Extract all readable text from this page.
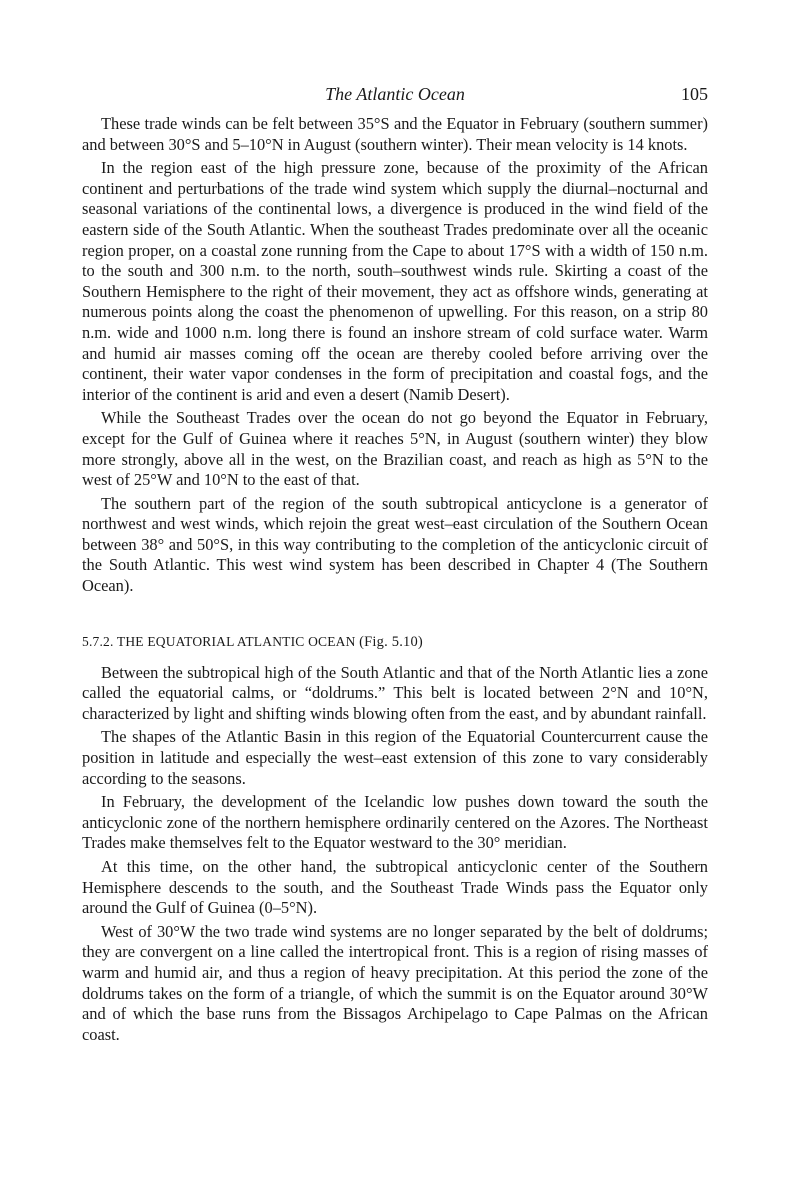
The Atlantic Ocean	105

These trade winds can be felt between 35°S and the Equator in February (southern summer) and between 30°S and 5–10°N in August (southern winter). Their mean velocity is 14 knots.

In the region east of the high pressure zone, because of the proximity of the African continent and perturbations of the trade wind system which supply the diurnal–nocturnal and seasonal variations of the continental lows, a divergence is produced in the wind field of the eastern side of the South Atlantic. When the southeast Trades predominate over all the oceanic region proper, on a coastal zone running from the Cape to about 17°S with a width of 150 n.m. to the south and 300 n.m. to the north, south–southwest winds rule. Skirting a coast of the Southern Hemisphere to the right of their movement, they act as offshore winds, generating at numerous points along the coast the phenomenon of upwelling. For this reason, on a strip 80 n.m. wide and 1000 n.m. long there is found an inshore stream of cold surface water. Warm and humid air masses coming off the ocean are thereby cooled before arriving over the continent, their water vapor condenses in the form of precipitation and coastal fogs, and the interior of the continent is arid and even a desert (Namib Desert).

While the Southeast Trades over the ocean do not go beyond the Equator in February, except for the Gulf of Guinea where it reaches 5°N, in August (southern winter) they blow more strongly, above all in the west, on the Brazilian coast, and reach as high as 5°N to the west of 25°W and 10°N to the east of that.

The southern part of the region of the south subtropical anticyclone is a generator of northwest and west winds, which rejoin the great west–east circulation of the Southern Ocean between 38° and 50°S, in this way contributing to the completion of the anticyclonic circuit of the South Atlantic. This west wind system has been described in Chapter 4 (The Southern Ocean).

5.7.2. THE EQUATORIAL ATLANTIC OCEAN (Fig. 5.10)

Between the subtropical high of the South Atlantic and that of the North Atlantic lies a zone called the equatorial calms, or “doldrums.” This belt is located between 2°N and 10°N, characterized by light and shifting winds blowing often from the east, and by abundant rainfall.

The shapes of the Atlantic Basin in this region of the Equatorial Countercurrent cause the position in latitude and especially the west–east extension of this zone to vary considerably according to the seasons.

In February, the development of the Icelandic low pushes down toward the south the anticyclonic zone of the northern hemisphere ordinarily centered on the Azores. The Northeast Trades make themselves felt to the Equator westward to the 30° meridian.

At this time, on the other hand, the subtropical anticyclonic center of the Southern Hemisphere descends to the south, and the Southeast Trade Winds pass the Equator only around the Gulf of Guinea (0–5°N).

West of 30°W the two trade wind systems are no longer separated by the belt of doldrums; they are convergent on a line called the intertropical front. This is a region of rising masses of warm and humid air, and thus a region of heavy precipitation. At this period the zone of the doldrums takes on the form of a triangle, of which the summit is on the Equator around 30°W and of which the base runs from the Bissagos Archipelago to Cape Palmas on the African coast.
